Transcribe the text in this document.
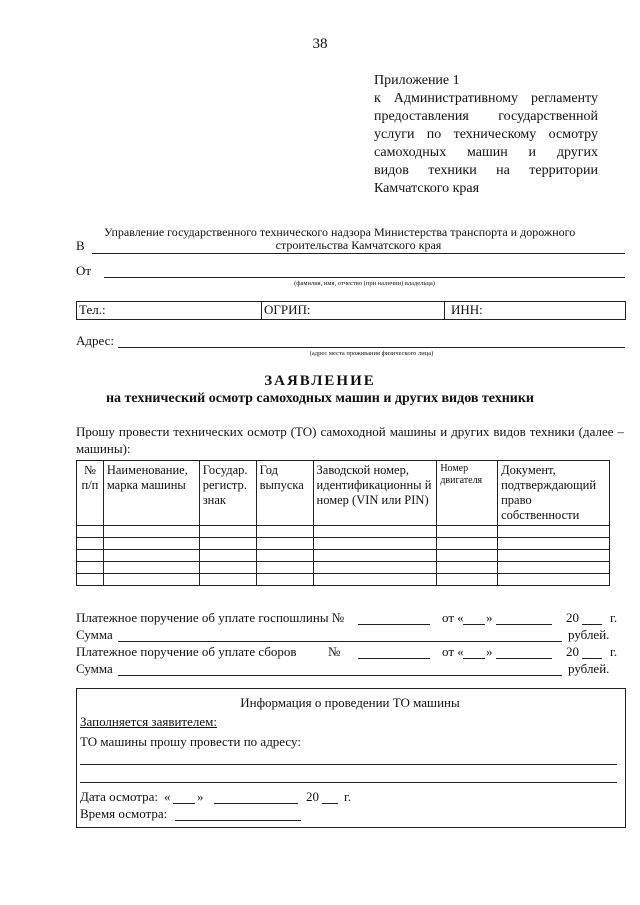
38
Приложение 1
к Административному регламенту
предоставления государственной
услуги по техническому осмотру
самоходных машин и других
видов техники на территории
Камчатского края
Управление государственного технического надзора Министерства транспорта и дорожного
В	строительства Камчатского края
От
(фамилия, имя, отчество (при наличии) владельца)
Тел.:	ОГРИП:	ИНН:
Адрес:
(адрес места проживания физического лица)
ЗАЯВЛЕНИЕ
на технический осмотр самоходных машин и других видов техники
Прошу провести технических осмотр (ТО) самоходной машины и других видов техники (далее – машины):
№ п/п	Наименование, марка машины	Государ. регистр. знак	Год выпуска	Заводской номер, идентификационны й номер (VIN или PIN)	Номер двигателя	Документ, подтверждающий право собственности

Платежное поручение об уплате госпошлины №	от « »	20 г.
Сумма	рублей.
Платежное поручение об уплате сборов №	от « »	20 г.
Сумма	рублей.
Информация о проведении ТО машины
Заполняется заявителем:
ТО машины прошу провести по адресу:
Дата осмотра: « »	20 г.
Время осмотра:
